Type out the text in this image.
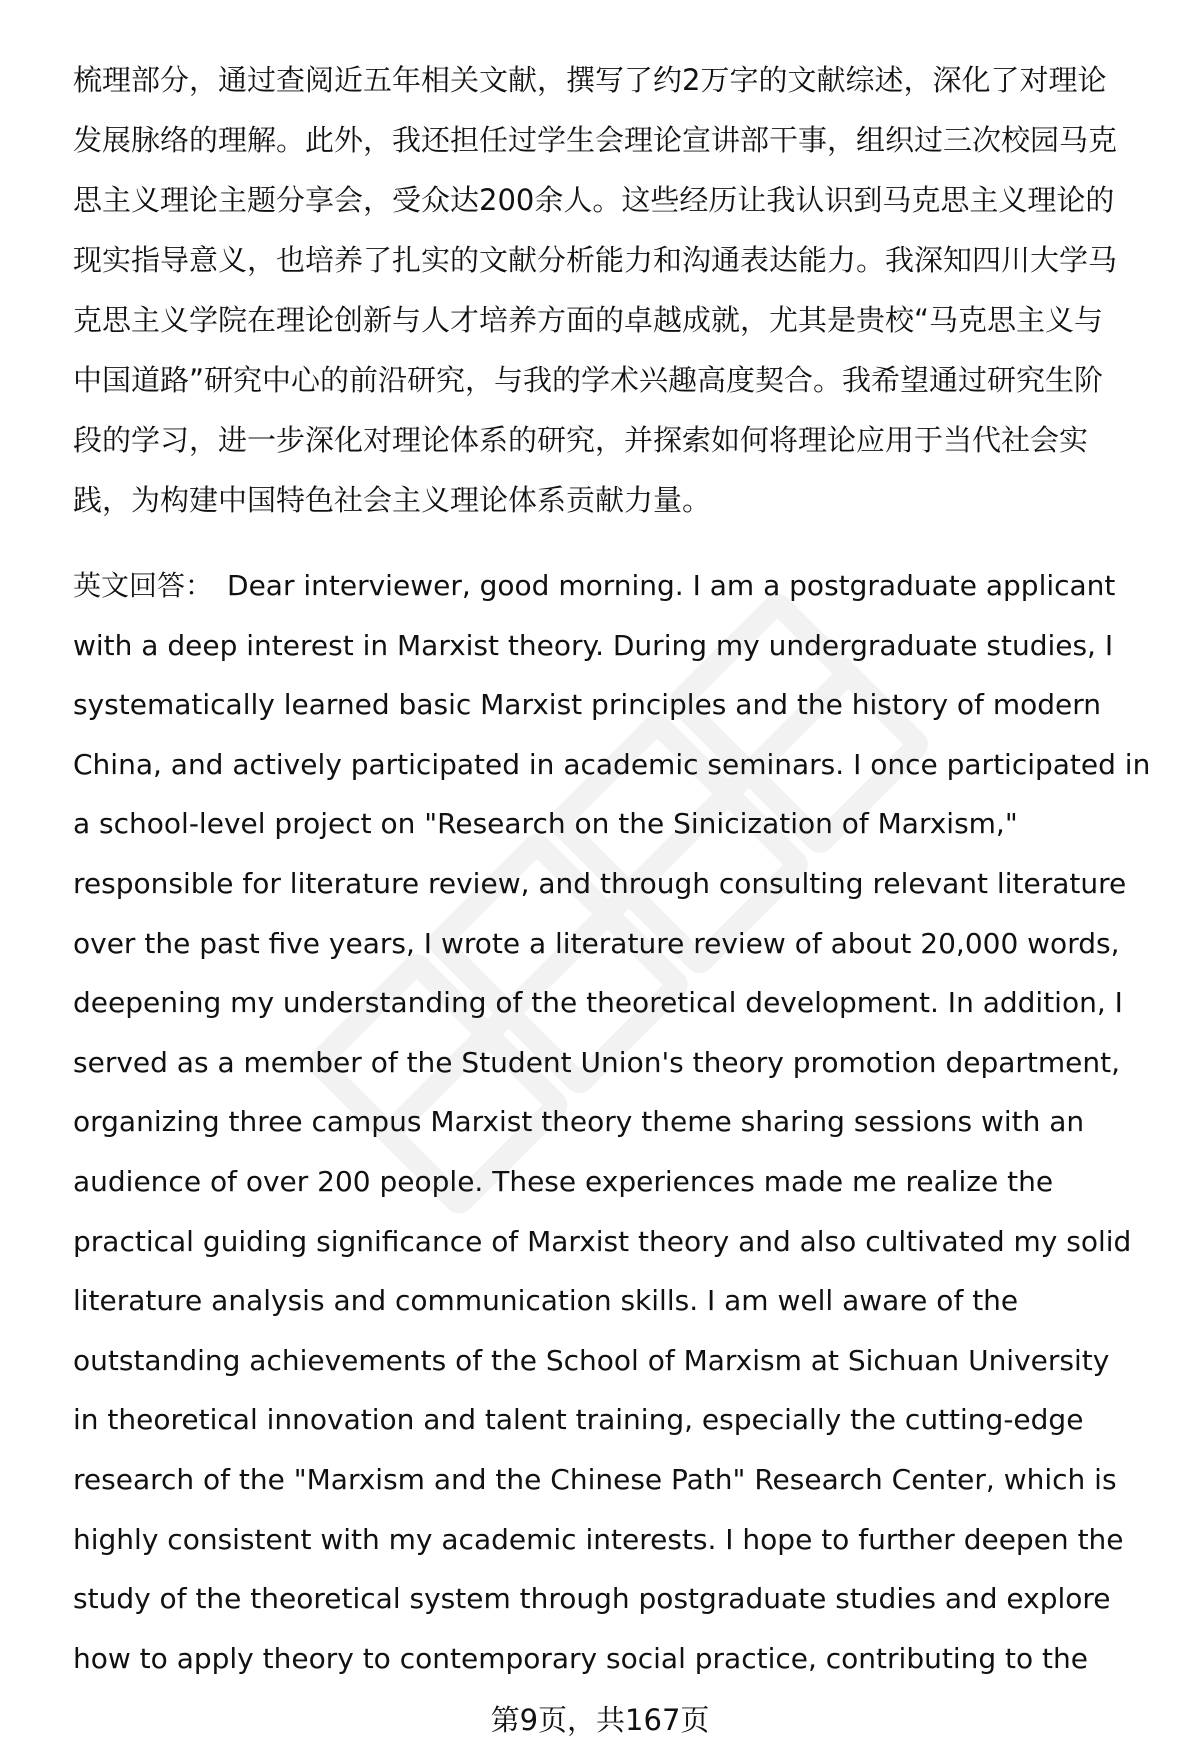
梳理部分，通过查阅近五年相关文献，撰写了约2万字的文献综述，深化了对理论
发展脉络的理解。此外，我还担任过学生会理论宣讲部干事，组织过三次校园马克
思主义理论主题分享会，受众达200余人。这些经历让我认识到马克思主义理论的
现实指导意义，也培养了扎实的文献分析能力和沟通表达能力。我深知四川大学马
克思主义学院在理论创新与人才培养方面的卓越成就，尤其是贵校“马克思主义与
中国道路”研究中心的前沿研究，与我的学术兴趣高度契合。我希望通过研究生阶
段的学习，进一步深化对理论体系的研究，并探索如何将理论应用于当代社会实
践，为构建中国特色社会主义理论体系贡献力量。
英文回答： Dear interviewer, good morning. I am a postgraduate applicant
with a deep interest in Marxist theory. During my undergraduate studies, I
systematically learned basic Marxist principles and the history of modern
China, and actively participated in academic seminars. I once participated in
a school-level project on "Research on the Sinicization of Marxism,"
responsible for literature review, and through consulting relevant literature
over the past five years, I wrote a literature review of about 20,000 words,
deepening my understanding of the theoretical development. In addition, I
served as a member of the Student Union's theory promotion department,
organizing three campus Marxist theory theme sharing sessions with an
audience of over 200 people. These experiences made me realize the
practical guiding significance of Marxist theory and also cultivated my solid
literature analysis and communication skills. I am well aware of the
outstanding achievements of the School of Marxism at Sichuan University
in theoretical innovation and talent training, especially the cutting-edge
research of the "Marxism and the Chinese Path" Research Center, which is
highly consistent with my academic interests. I hope to further deepen the
study of the theoretical system through postgraduate studies and explore
how to apply theory to contemporary social practice, contributing to the
第9页，共167页
